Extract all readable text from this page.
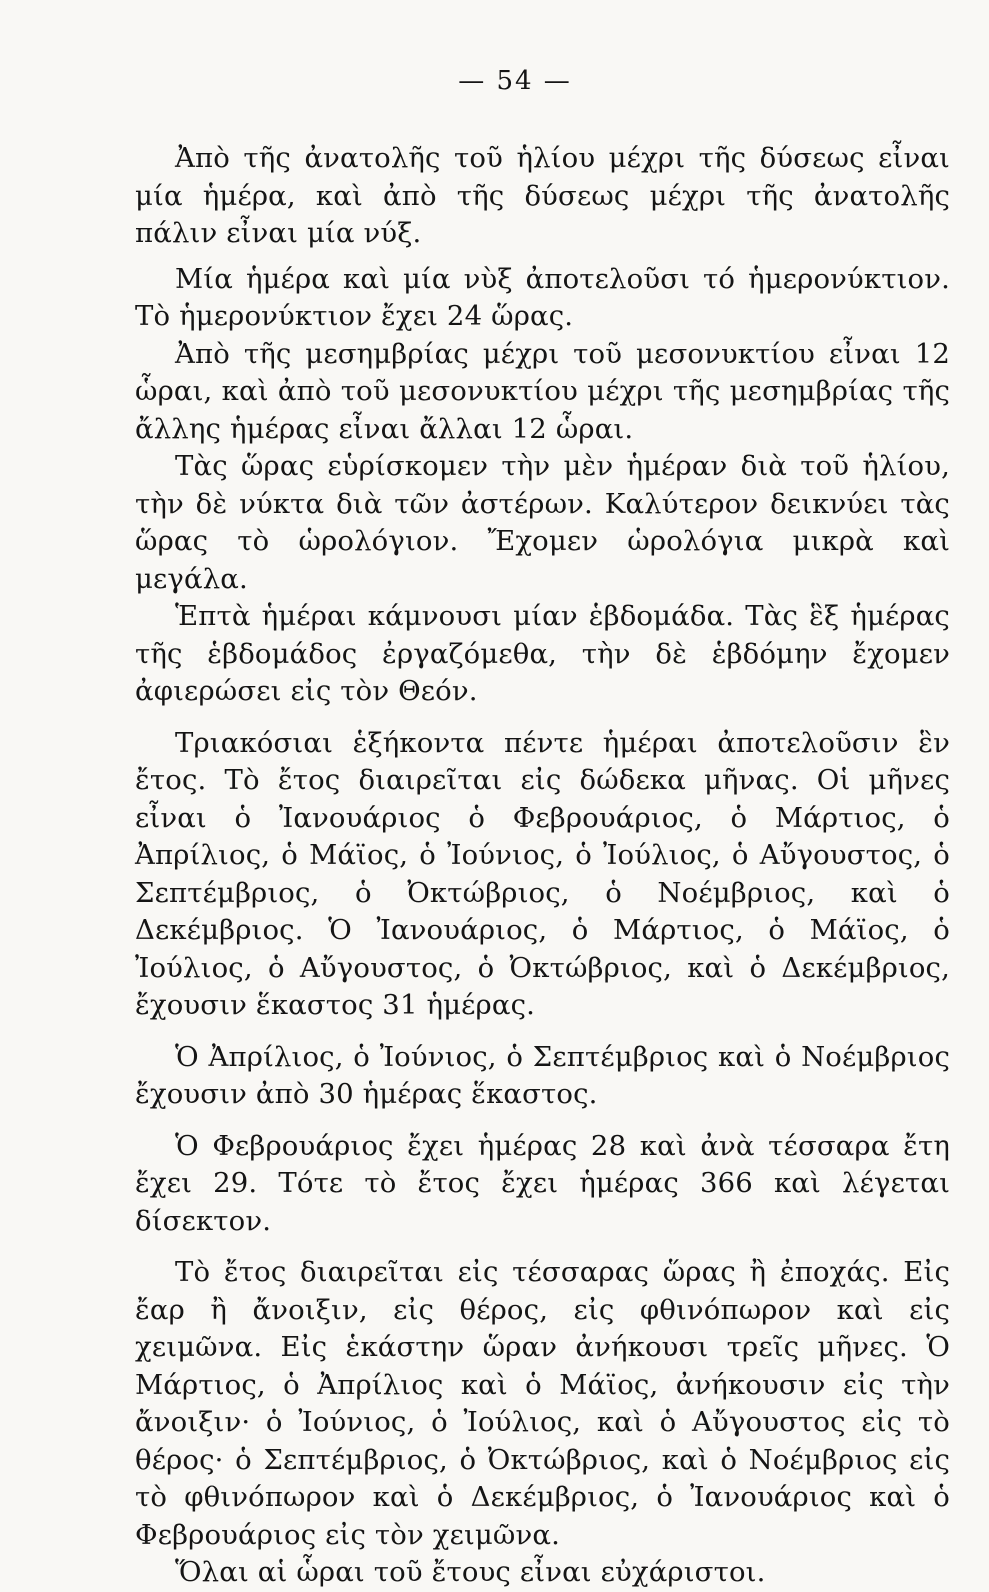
— 54 —

Ἀπὸ τῆς ἀνατολῆς τοῦ ἡλίου μέχρι τῆς δύσεως εἶναι μία ἡμέρα, καὶ ἀπὸ τῆς δύσεως μέχρι τῆς ἀνατολῆς πάλιν εἶναι μία νύξ.

Μία ἡμέρα καὶ μία νὺξ ἀποτελοῦσι τό ἡμερονύκτιον. Τὸ ἡμερονύκτιον ἔχει 24 ὥρας.

Ἀπὸ τῆς μεσημβρίας μέχρι τοῦ μεσονυκτίου εἶναι 12 ὧραι, καὶ ἀπὸ τοῦ μεσονυκτίου μέχρι τῆς μεσημβρίας τῆς ἄλλης ἡμέρας εἶναι ἄλλαι 12 ὧραι.

Τὰς ὥρας εὑρίσκομεν τὴν μὲν ἡμέραν διὰ τοῦ ἡλίου, τὴν δὲ νύκτα διὰ τῶν ἀστέρων. Καλύτερον δεικνύει τὰς ὥρας τὸ ὡρολόγιον. Ἔχομεν ὡρολόγια μικρὰ καὶ μεγάλα.

Ἑπτὰ ἡμέραι κάμνουσι μίαν ἑβδομάδα. Τὰς ἓξ ἡμέρας τῆς ἑβδομάδος ἐργαζόμεθα, τὴν δὲ ἑβδόμην ἔχομεν ἀφιερώσει εἰς τὸν Θεόν.

Τριακόσιαι ἑξήκοντα πέντε ἡμέραι ἀποτελοῦσιν ἓν ἔτος. Τὸ ἔτος διαιρεῖται εἰς δώδεκα μῆνας. Οἱ μῆνες εἶναι ὁ Ἰανουάριος ὁ Φεβρουάριος, ὁ Μάρτιος, ὁ Ἀπρίλιος, ὁ Μάϊος, ὁ Ἰούνιος, ὁ Ἰούλιος, ὁ Αὔγουστος, ὁ Σεπτέμβριος, ὁ Ὀκτώβριος, ὁ Νοέμβριος, καὶ ὁ Δεκέμβριος. Ὁ Ἰανουάριος, ὁ Μάρτιος, ὁ Μάϊος, ὁ Ἰούλιος, ὁ Αὔγουστος, ὁ Ὀκτώβριος, καὶ ὁ Δεκέμβριος, ἔχουσιν ἕκαστος 31 ἡμέρας.

Ὁ Ἀπρίλιος, ὁ Ἰούνιος, ὁ Σεπτέμβριος καὶ ὁ Νοέμβριος ἔχουσιν ἀπὸ 30 ἡμέρας ἕκαστος.

Ὁ Φεβρουάριος ἔχει ἡμέρας 28 καὶ ἀνὰ τέσσαρα ἔτη ἔχει 29. Τότε τὸ ἔτος ἔχει ἡμέρας 366 καὶ λέγεται δίσεκτον.

Τὸ ἔτος διαιρεῖται εἰς τέσσαρας ὥρας ἢ ἐποχάς. Εἰς ἔαρ ἢ ἄνοιξιν, εἰς θέρος, εἰς φθινόπωρον καὶ εἰς χειμῶνα. Εἰς ἑκάστην ὥραν ἀνήκουσι τρεῖς μῆνες. Ὁ Μάρτιος, ὁ Ἀπρίλιος καὶ ὁ Μάϊος, ἀνήκουσιν εἰς τὴν ἄνοιξιν· ὁ Ἰούνιος, ὁ Ἰούλιος, καὶ ὁ Αὔγουστος εἰς τὸ θέρος· ὁ Σεπτέμβριος, ὁ Ὀκτώβριος, καὶ ὁ Νοέμβριος εἰς τὸ φθινόπωρον καὶ ὁ Δεκέμβριος, ὁ Ἰανουάριος καὶ ὁ Φεβρουάριος εἰς τὸν χειμῶνα.

Ὅλαι αἱ ὧραι τοῦ ἔτους εἶναι εὐχάριστοι.
